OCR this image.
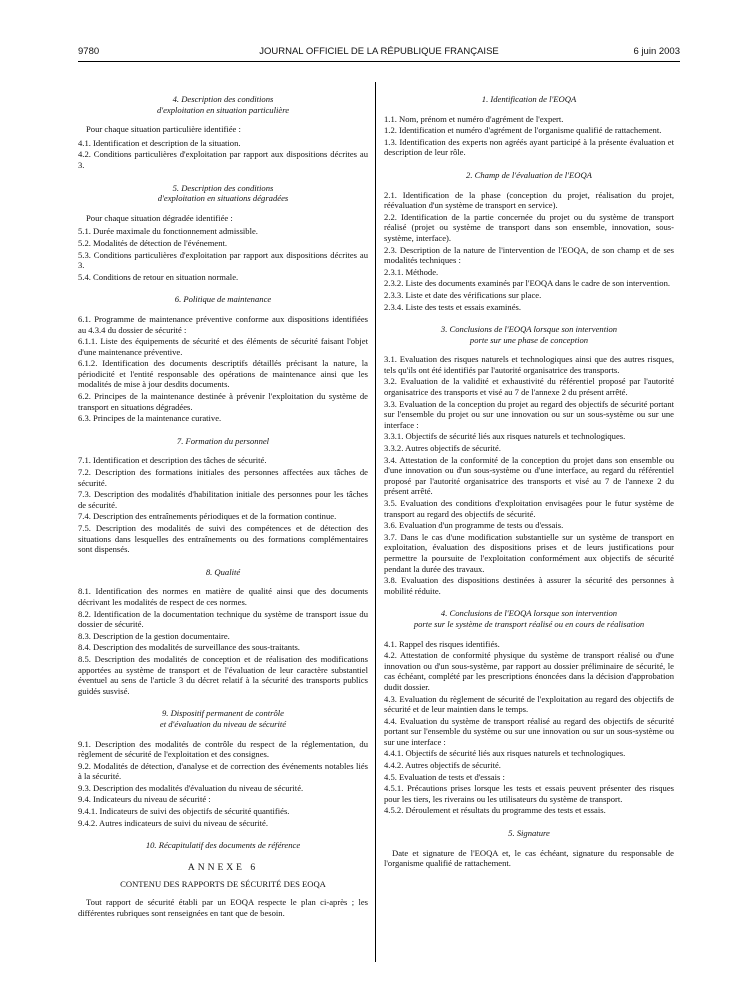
9780	JOURNAL OFFICIEL DE LA RÉPUBLIQUE FRANÇAISE	6 juin 2003
4. Description des conditions
d'exploitation en situation particulière
Pour chaque situation particulière identifiée :
4.1. Identification et description de la situation.
4.2. Conditions particulières d'exploitation par rapport aux dispositions décrites au 3.
5. Description des conditions
d'exploitation en situations dégradées
Pour chaque situation dégradée identifiée :
5.1. Durée maximale du fonctionnement admissible.
5.2. Modalités de détection de l'événement.
5.3. Conditions particulières d'exploitation par rapport aux dispositions décrites au 3.
5.4. Conditions de retour en situation normale.
6. Politique de maintenance
6.1. Programme de maintenance préventive conforme aux dispositions identifiées au 4.3.4 du dossier de sécurité :
6.1.1. Liste des équipements de sécurité et des éléments de sécurité faisant l'objet d'une maintenance préventive.
6.1.2. Identification des documents descriptifs détaillés précisant la nature, la périodicité et l'entité responsable des opérations de maintenance ainsi que les modalités de mise à jour desdits documents.
6.2. Principes de la maintenance destinée à prévenir l'exploitation du système de transport en situations dégradées.
6.3. Principes de la maintenance curative.
7. Formation du personnel
7.1. Identification et description des tâches de sécurité.
7.2. Description des formations initiales des personnes affectées aux tâches de sécurité.
7.3. Description des modalités d'habilitation initiale des personnes pour les tâches de sécurité.
7.4. Description des entraînements périodiques et de la formation continue.
7.5. Description des modalités de suivi des compétences et de détection des situations dans lesquelles des entraînements ou des formations complémentaires sont dispensés.
8. Qualité
8.1. Identification des normes en matière de qualité ainsi que des documents décrivant les modalités de respect de ces normes.
8.2. Identification de la documentation technique du système de transport issue du dossier de sécurité.
8.3. Description de la gestion documentaire.
8.4. Description des modalités de surveillance des sous-traitants.
8.5. Description des modalités de conception et de réalisation des modifications apportées au système de transport et de l'évaluation de leur caractère substantiel éventuel au sens de l'article 3 du décret relatif à la sécurité des transports publics guidés susvisé.
9. Dispositif permanent de contrôle
et d'évaluation du niveau de sécurité
9.1. Description des modalités de contrôle du respect de la réglementation, du règlement de sécurité de l'exploitation et des consignes.
9.2. Modalités de détection, d'analyse et de correction des événements notables liés à la sécurité.
9.3. Description des modalités d'évaluation du niveau de sécurité.
9.4. Indicateurs du niveau de sécurité :
9.4.1. Indicateurs de suivi des objectifs de sécurité quantifiés.
9.4.2. Autres indicateurs de suivi du niveau de sécurité.
10. Récapitulatif des documents de référence
ANNEXE 6
CONTENU DES RAPPORTS DE SÉCURITÉ DES EOQA
Tout rapport de sécurité établi par un EOQA respecte le plan ci-après ; les différentes rubriques sont renseignées en tant que de besoin.
1. Identification de l'EOQA
1.1. Nom, prénom et numéro d'agrément de l'expert.
1.2. Identification et numéro d'agrément de l'organisme qualifié de rattachement.
1.3. Identification des experts non agréés ayant participé à la présente évaluation et description de leur rôle.
2. Champ de l'évaluation de l'EOQA
2.1. Identification de la phase (conception du projet, réalisation du projet, réévaluation d'un système de transport en service).
2.2. Identification de la partie concernée du projet ou du système de transport réalisé (projet ou système de transport dans son ensemble, innovation, sous-système, interface).
2.3. Description de la nature de l'intervention de l'EOQA, de son champ et de ses modalités techniques :
2.3.1. Méthode.
2.3.2. Liste des documents examinés par l'EOQA dans le cadre de son intervention.
2.3.3. Liste et date des vérifications sur place.
2.3.4. Liste des tests et essais examinés.
3. Conclusions de l'EOQA lorsque son intervention
porte sur une phase de conception
3.1. Evaluation des risques naturels et technologiques ainsi que des autres risques, tels qu'ils ont été identifiés par l'autorité organisatrice des transports.
3.2. Evaluation de la validité et exhaustivité du référentiel proposé par l'autorité organisatrice des transports et visé au 7 de l'annexe 2 du présent arrêté.
3.3. Evaluation de la conception du projet au regard des objectifs de sécurité portant sur l'ensemble du projet ou sur une innovation ou sur un sous-système ou sur une interface :
3.3.1. Objectifs de sécurité liés aux risques naturels et technologiques.
3.3.2. Autres objectifs de sécurité.
3.4. Attestation de la conformité de la conception du projet dans son ensemble ou d'une innovation ou d'un sous-système ou d'une interface, au regard du référentiel proposé par l'autorité organisatrice des transports et visé au 7 de l'annexe 2 du présent arrêté.
3.5. Evaluation des conditions d'exploitation envisagées pour le futur système de transport au regard des objectifs de sécurité.
3.6. Evaluation d'un programme de tests ou d'essais.
3.7. Dans le cas d'une modification substantielle sur un système de transport en exploitation, évaluation des dispositions prises et de leurs justifications pour permettre la poursuite de l'exploitation conformément aux objectifs de sécurité pendant la durée des travaux.
3.8. Evaluation des dispositions destinées à assurer la sécurité des personnes à mobilité réduite.
4. Conclusions de l'EOQA lorsque son intervention
porte sur le système de transport réalisé ou en cours de réalisation
4.1. Rappel des risques identifiés.
4.2. Attestation de conformité physique du système de transport réalisé ou d'une innovation ou d'un sous-système, par rapport au dossier préliminaire de sécurité, le cas échéant, complété par les prescriptions énoncées dans la décision d'approbation dudit dossier.
4.3. Evaluation du règlement de sécurité de l'exploitation au regard des objectifs de sécurité et de leur maintien dans le temps.
4.4. Evaluation du système de transport réalisé au regard des objectifs de sécurité portant sur l'ensemble du système ou sur une innovation ou sur un sous-système ou sur une interface :
4.4.1. Objectifs de sécurité liés aux risques naturels et technologiques.
4.4.2. Autres objectifs de sécurité.
4.5. Evaluation de tests et d'essais :
4.5.1. Précautions prises lorsque les tests et essais peuvent présenter des risques pour les tiers, les riverains ou les utilisateurs du système de transport.
4.5.2. Déroulement et résultats du programme des tests et essais.
5. Signature
Date et signature de l'EOQA et, le cas échéant, signature du responsable de l'organisme qualifié de rattachement.
